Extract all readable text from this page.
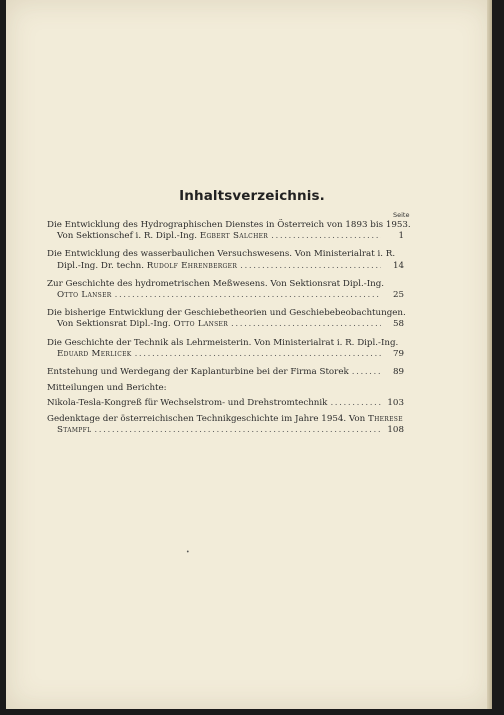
Inhaltsverzeichnis.
Seite
Die Entwicklung des Hydrographischen Dienstes in Österreich von 1893 bis 1953.
Von Sektionschef i. R. Dipl.-Ing.
Egbert Salcher .....	1
Die Entwicklung des wasserbaulichen Versuchswesens. Von Ministerialrat i. R.
Dipl.-Ing. Dr. techn.
Rudolf Ehrenberger .....	14
Zur Geschichte des hydrometrischen Meßwesens. Von Sektionsrat Dipl.-Ing.
Otto Lanser .....	25
Die bisherige Entwicklung der Geschiebetheorien und Geschiebebeobachtungen.
Von Sektionsrat Dipl.-Ing.
Otto Lanser .....	58
Die Geschichte der Technik als Lehrmeisterin. Von Ministerialrat i. R. Dipl.-Ing.
Eduard Merlicek .....	79
Entstehung und Werdegang der Kaplanturbine bei der Firma Storek .....	89
Mitteilungen und Berichte:
Nikola-Tesla-Kongreß für Wechselstrom- und Drehstromtechnik .....	103
Gedenktage der österreichischen Technikgeschichte im Jahre 1954. Von
Therese
Stampfl .....	108
•
